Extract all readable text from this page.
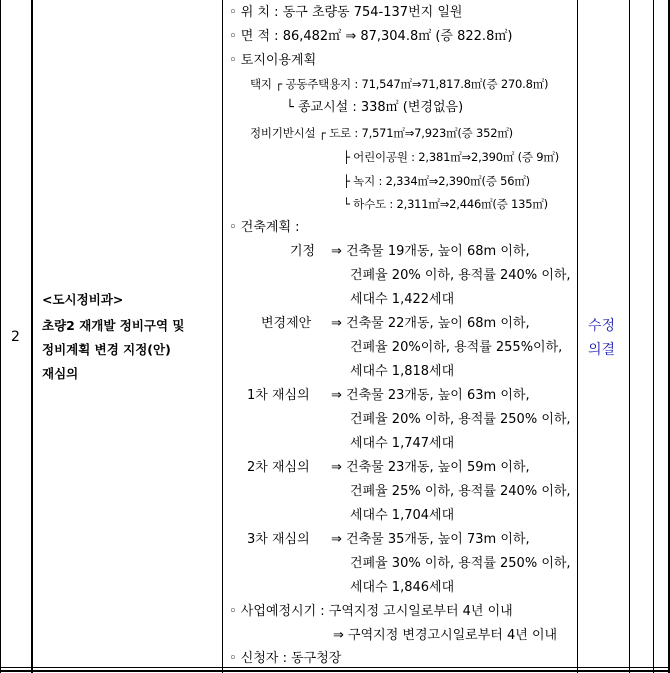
2
<도시정비과>
초량2 재개발 정비구역 및
정비계획 변경 지정(안)
재심의
◦ 위 치 : 동구 초량동 754-137번지 일원
◦ 면 적 : 86,482㎡ ⇒ 87,304.8㎡ (증 822.8㎡)
◦ 토지이용계획
택지 ┌ 공동주택용지 : 71,547㎡⇒71,817.8㎡(증 270.8㎡)
└ 종교시설 : 338㎡ (변경없음)
정비기반시설 ┌ 도로 : 7,571㎡⇒7,923㎡(증 352㎡)
├ 어린이공원 : 2,381㎡⇒2,390㎡ (증 9㎡)
├ 녹지 : 2,334㎡⇒2,390㎡(증 56㎡)
└ 하수도 : 2,311㎡⇒2,446㎡(증 135㎡)
◦ 건축계획 :
기정 ⇒ 건축물 19개동, 높이 68m 이하,
건폐율 20% 이하, 용적률 240% 이하,
세대수 1,422세대
변경제안 ⇒ 건축물 22개동, 높이 68m 이하,
건폐율 20%이하, 용적률 255%이하,
세대수 1,818세대
1차 재심의 ⇒ 건축물 23개동, 높이 63m 이하,
건폐율 20% 이하, 용적률 250% 이하,
세대수 1,747세대
2차 재심의 ⇒ 건축물 23개동, 높이 59m 이하,
건폐율 25% 이하, 용적률 240% 이하,
세대수 1,704세대
3차 재심의 ⇒ 건축물 35개동, 높이 73m 이하,
건폐율 30% 이하, 용적률 250% 이하,
세대수 1,846세대
◦ 사업예정시기 : 구역지정 고시일로부터 4년 이내
⇒ 구역지정 변경고시일로부터 4년 이내
◦ 신청자 : 동구청장
수정
의결
